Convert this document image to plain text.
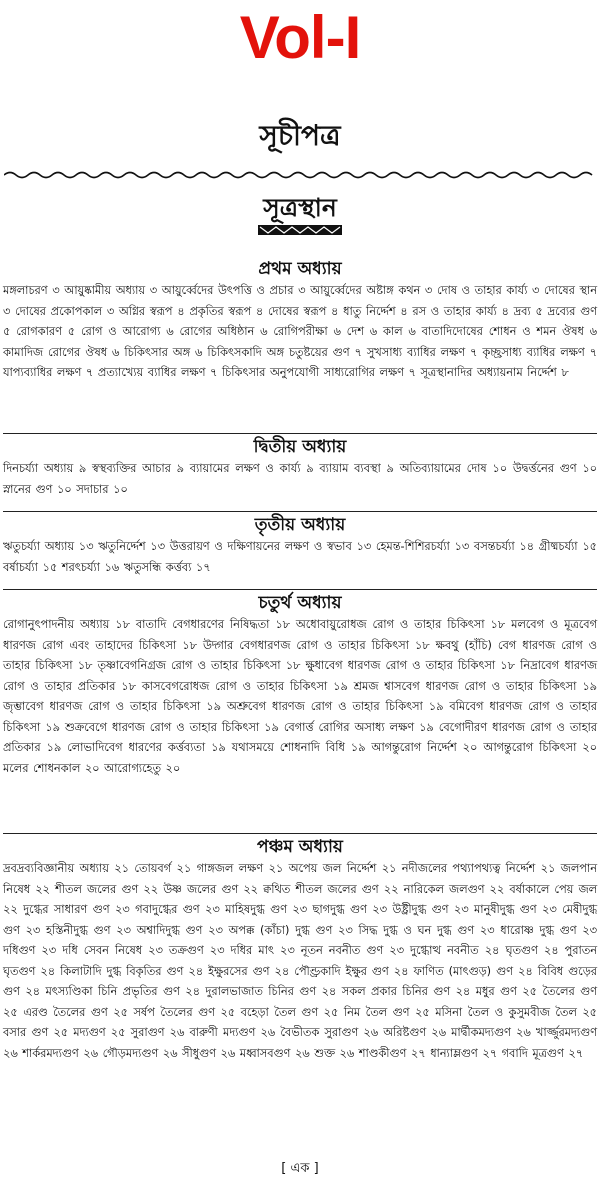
Vol-I
সূচীপত্র
সূত্রস্থান
প্রথম অধ্যায়
মঙ্গলাচরণ ৩ আয়ুষ্কামীয় অধ্যায় ৩ আয়ুর্ব্বেদের উৎপত্তি ও প্রচার ৩ আয়ুর্ব্বেদের অষ্টাঙ্গ কথন ৩ দোষ ও তাহার কার্য্য ৩ দোষের স্থান ৩ দোষের প্রকোপকাল ৩ অগ্নির স্বরূপ ৪ প্রকৃতির স্বরূপ ৪ দোষের স্বরূপ ৪ ধাতু নির্দ্দেশ ৪ রস ও তাহার কার্য্য ৪ দ্রব্য ৫ দ্রব্যের গুণ ৫ রোগকারণ ৫ রোগ ও আরোগ্য ৬ রোগের অধিষ্ঠান ৬ রোগিপরীক্ষা ৬ দেশ ৬ কাল ৬ বাতাদিদোষের শোধন ও শমন ঔষধ ৬ কামাদিজ রোগের ঔষধ ৬ চিকিৎসার অঙ্গ ৬ চিকিৎসকাদি অঙ্গ চতুষ্টয়ের গুণ ৭ সুখসাধ্য ব্যাধির লক্ষণ ৭ কৃচ্ছ্রসাধ্য ব্যাধির লক্ষণ ৭ যাপ্যব্যাধির লক্ষণ ৭ প্রত্যাখ্যেয় ব্যাধির লক্ষণ ৭ চিকিৎসার অনুপযোগী সাধ্যরোগির লক্ষণ ৭ সূত্রস্থানাদির অধ্যায়নাম নির্দ্দেশ ৮
দ্বিতীয় অধ্যায়
দিনচর্য্যা অধ্যায় ৯ স্বস্থব্যক্তির আচার ৯ ব্যায়ামের লক্ষণ ও কার্য্য ৯ ব্যায়াম ব্যবস্থা ৯ অতিব্যায়ামের দোষ ১০ উদ্বর্ত্তনের গুণ ১০ স্নানের গুণ ১০ সদাচার ১০
তৃতীয় অধ্যায়
ঋতুচর্য্যা অধ্যায় ১৩ ঋতুনির্দ্দেশ ১৩ উত্তরায়ণ ও দক্ষিণায়নের লক্ষণ ও স্বভাব ১৩ হেমন্ত-শিশিরচর্য্যা ১৩ বসন্তচর্য্যা ১৪ গ্রীষ্মচর্য্যা ১৫ বর্ষাচর্য্যা ১৫ শরৎচর্য্যা ১৬ ঋতুসন্ধি কর্ত্তব্য ১৭
চতুর্থ অধ্যায়
রোগানুৎপাদনীয় অধ্যায় ১৮ বাতাদি বেগধারণের নিষিদ্ধতা ১৮ অধোবায়ুরোধজ রোগ ও তাহার চিকিৎসা ১৮ মলবেগ ও মূত্রবেগ ধারণজ রোগ এবং তাহাদের চিকিৎসা ১৮ উদ্গার বেগধারণজ রোগ ও তাহার চিকিৎসা ১৮ ক্ষবথু (হাঁচি) বেগ ধারণজ রোগ ও তাহার চিকিৎসা ১৮ তৃষ্ণাবেগনিগ্রজ রোগ ও তাহার চিকিৎসা ১৮ ক্ষুধাবেগ ধারণজ রোগ ও তাহার চিকিৎসা ১৮ নিদ্রাবেগ ধারণজ রোগ ও তাহার প্রতিকার ১৮ কাসবেগরোধজ রোগ ও তাহার চিকিৎসা ১৯ শ্রমজ শ্বাসবেগ ধারণজ রোগ ও তাহার চিকিৎসা ১৯ জৃম্ভাবেগ ধারণজ রোগ ও তাহার চিকিৎসা ১৯ অশ্রুবেগ ধারণজ রোগ ও তাহার চিকিৎসা ১৯ বমিবেগ ধারণজ রোগ ও তাহার চিকিৎসা ১৯ শুক্রবেগে ধারণজ রোগ ও তাহার চিকিৎসা ১৯ বেগার্ত্ত রোগির অসাধ্য লক্ষণ ১৯ বেগোদীরণ ধারণজ রোগ ও তাহার প্রতিকার ১৯ লোভাদিবেগ ধারণের কর্ত্তব্যতা ১৯ যথাসময়ে শোধনাদি বিধি ১৯ আগন্তুরোগ নির্দ্দেশ ২০ আগন্তুরোগ চিকিৎসা ২০ মলের শোধনকাল ২০ আরোগ্যহেতু ২০
পঞ্চম অধ্যায়
দ্রবদ্রব্যবিজ্ঞানীয় অধ্যায় ২১ তোয়বর্গ ২১ গাঙ্গজল লক্ষণ ২১ অপেয় জল নির্দ্দেশ ২১ নদীজলের পথ্যাপথ্যত্ব নির্দ্দেশ ২১ জলপান নিষেধ ২২ শীতল জলের গুণ ২২ উষ্ণ জলের গুণ ২২ ক্বথিত শীতল জলের গুণ ২২ নারিকেল জলগুণ ২২ বর্ষাকালে পেয় জল ২২ দুগ্ধের সাধারণ গুণ ২৩ গবাদুগ্ধের গুণ ২৩ মাহিষদুগ্ধ গুণ ২৩ ছাগদুগ্ধ গুণ ২৩ উষ্ট্রীদুগ্ধ গুণ ২৩ মানুষীদুগ্ধ গুণ ২৩ মেষীদুগ্ধ গুণ ২৩ হস্তিনীদুগ্ধ গুণ ২৩ অশ্বাদিদুগ্ধ গুণ ২৩ অপক্ক (কাঁচা) দুগ্ধ গুণ ২৩ সিদ্ধ দুগ্ধ ও ঘন দুগ্ধ গুণ ২৩ ধারোষ্ণ দুগ্ধ গুণ ২৩ দধিগুণ ২৩ দধি সেবন নিষেধ ২৩ তক্রগুণ ২৩ দধির মাৎ ২৩ নূতন নবনীত গুণ ২৩ দুগ্ধোত্থ নবনীত ২৪ ঘৃতগুণ ২৪ পুরাতন ঘৃতগুণ ২৪ কিলাটাদি দুগ্ধ বিকৃতির গুণ ২৪ ইক্ষুরসের গুণ ২৪ পৌণ্ড্রকাদি ইক্ষুর গুণ ২৪ ফাণিত (মাৎগুড়) গুণ ২৪ বিবিধ গুড়ের গুণ ২৪ মৎস্যণ্ডিকা চিনি প্রভৃতির গুণ ২৪ দুরালভাজাত চিনির গুণ ২৪ সকল প্রকার চিনির গুণ ২৪ মধুর গুণ ২৫ তৈলের গুণ ২৫ এরণ্ড তৈলের গুণ ২৫ সর্ষপ তৈলের গুণ ২৫ বহেড়া তৈল গুণ ২৫ নিম তৈল গুণ ২৫ মসিনা তৈল ও কুসুমবীজ তৈল ২৫ বসার গুণ ২৫ মদ্যগুণ ২৫ সুরাগুণ ২৬ বারুণী মদ্যগুণ ২৬ বৈভীতক সুরাগুণ ২৬ অরিষ্টগুণ ২৬ মার্দ্বীকমদ্যগুণ ২৬ খার্জ্জুরমদ্যগুণ ২৬ শার্করমদ্যগুণ ২৬ গৌড়মদ্যগুণ ২৬ সীধুগুণ ২৬ মধ্বাসবগুণ ২৬ শুক্ত ২৬ শাণ্ডকীগুণ ২৭ ধান্যাম্লগুণ ২৭ গবাদি মূত্রগুণ ২৭
[ এক ]
